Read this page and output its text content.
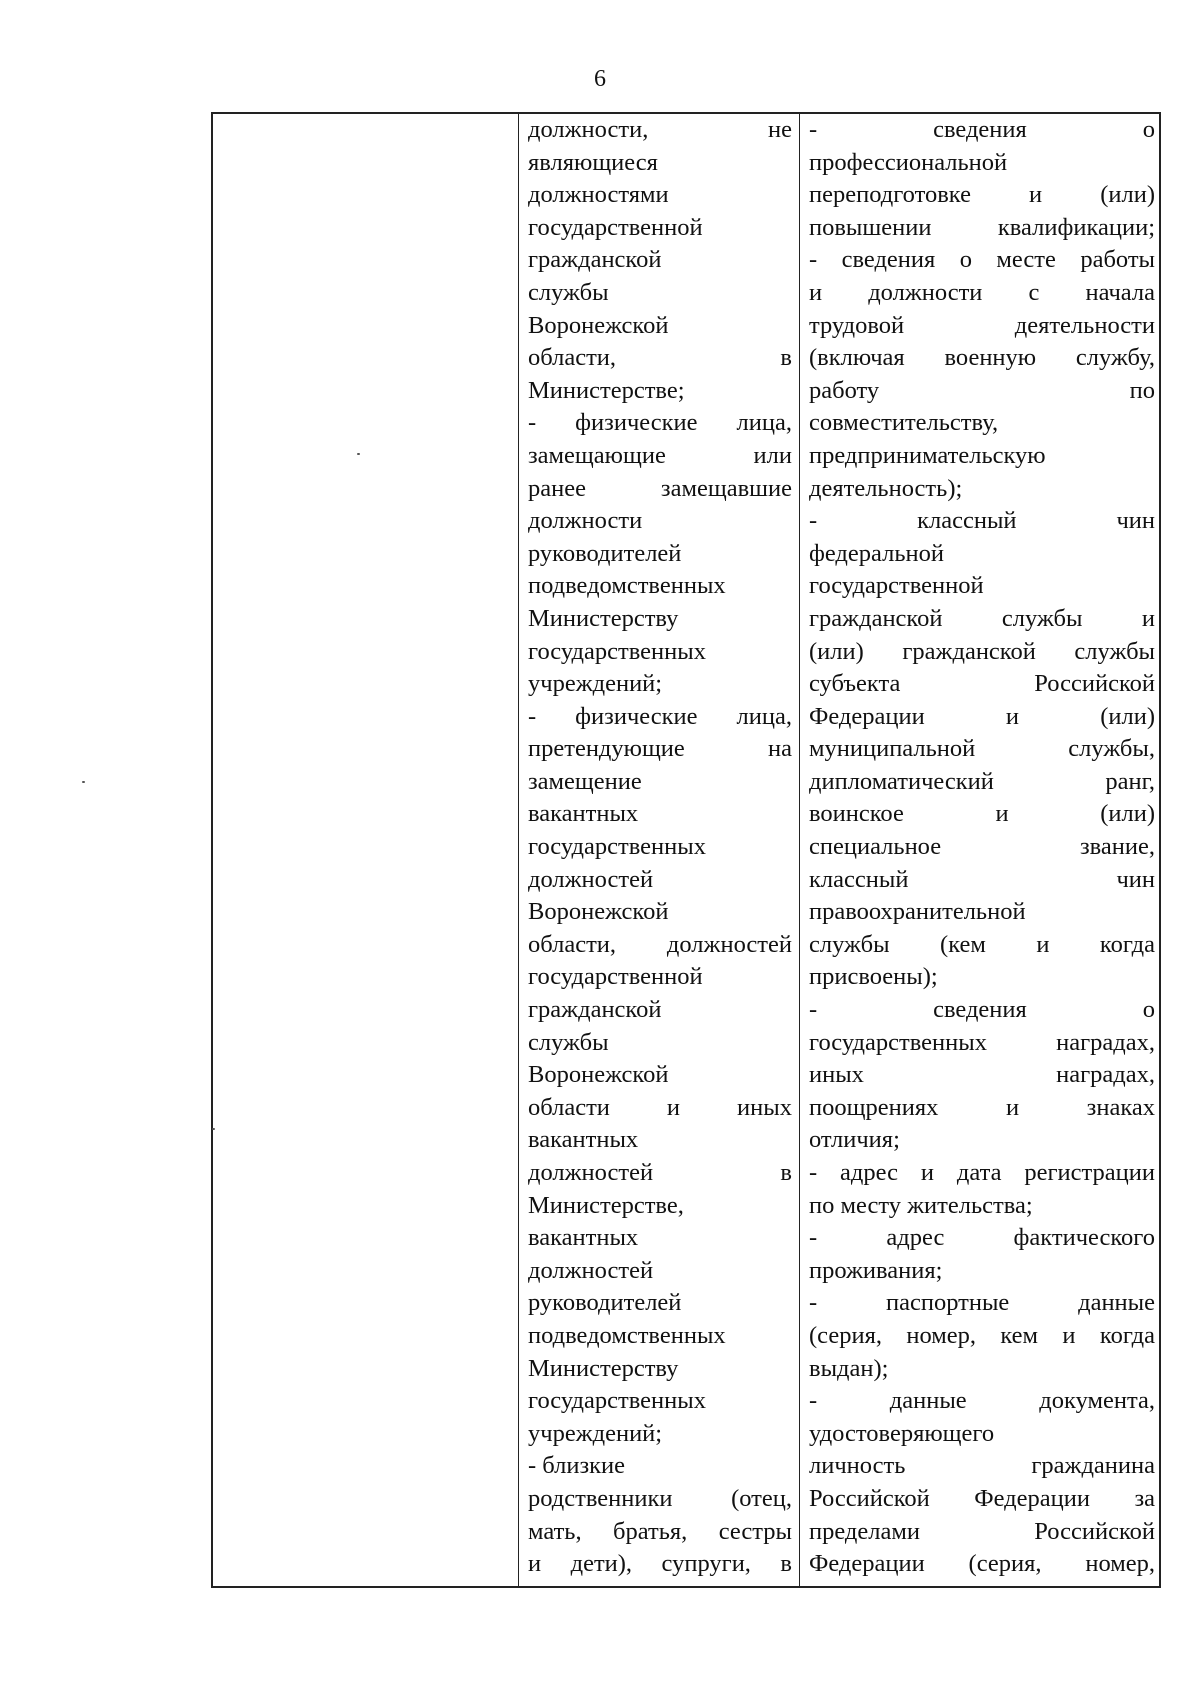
6
должности, не
являющиеся
должностями
государственной
гражданской
службы
Воронежской
области, в
Министерстве;
- физические лица,
замещающие или
ранее замещавшие
должности
руководителей
подведомственных
Министерству
государственных
учреждений;
- физические лица,
претендующие на
замещение
вакантных
государственных
должностей
Воронежской
области, должностей
государственной
гражданской
службы
Воронежской
области и иных
вакантных
должностей в
Министерстве,
вакантных
должностей
руководителей
подведомственных
Министерству
государственных
учреждений;
- близкие
родственники (отец,
мать, братья, сестры
и дети), супруги, в
- сведения о
профессиональной
переподготовке и (или)
повышении квалификации;
- сведения о месте работы
и должности с начала
трудовой деятельности
(включая военную службу,
работу по
совместительству,
предпринимательскую
деятельность);
- классный чин
федеральной
государственной
гражданской службы и
(или) гражданской службы
субъекта Российской
Федерации и (или)
муниципальной службы,
дипломатический ранг,
воинское и (или)
специальное звание,
классный чин
правоохранительной
службы (кем и когда
присвоены);
- сведения о
государственных наградах,
иных наградах,
поощрениях и знаках
отличия;
- адрес и дата регистрации
по месту жительства;
- адрес фактического
проживания;
- паспортные данные
(серия, номер, кем и когда
выдан);
- данные документа,
удостоверяющего
личность гражданина
Российской Федерации за
пределами Российской
Федерации (серия, номер,
